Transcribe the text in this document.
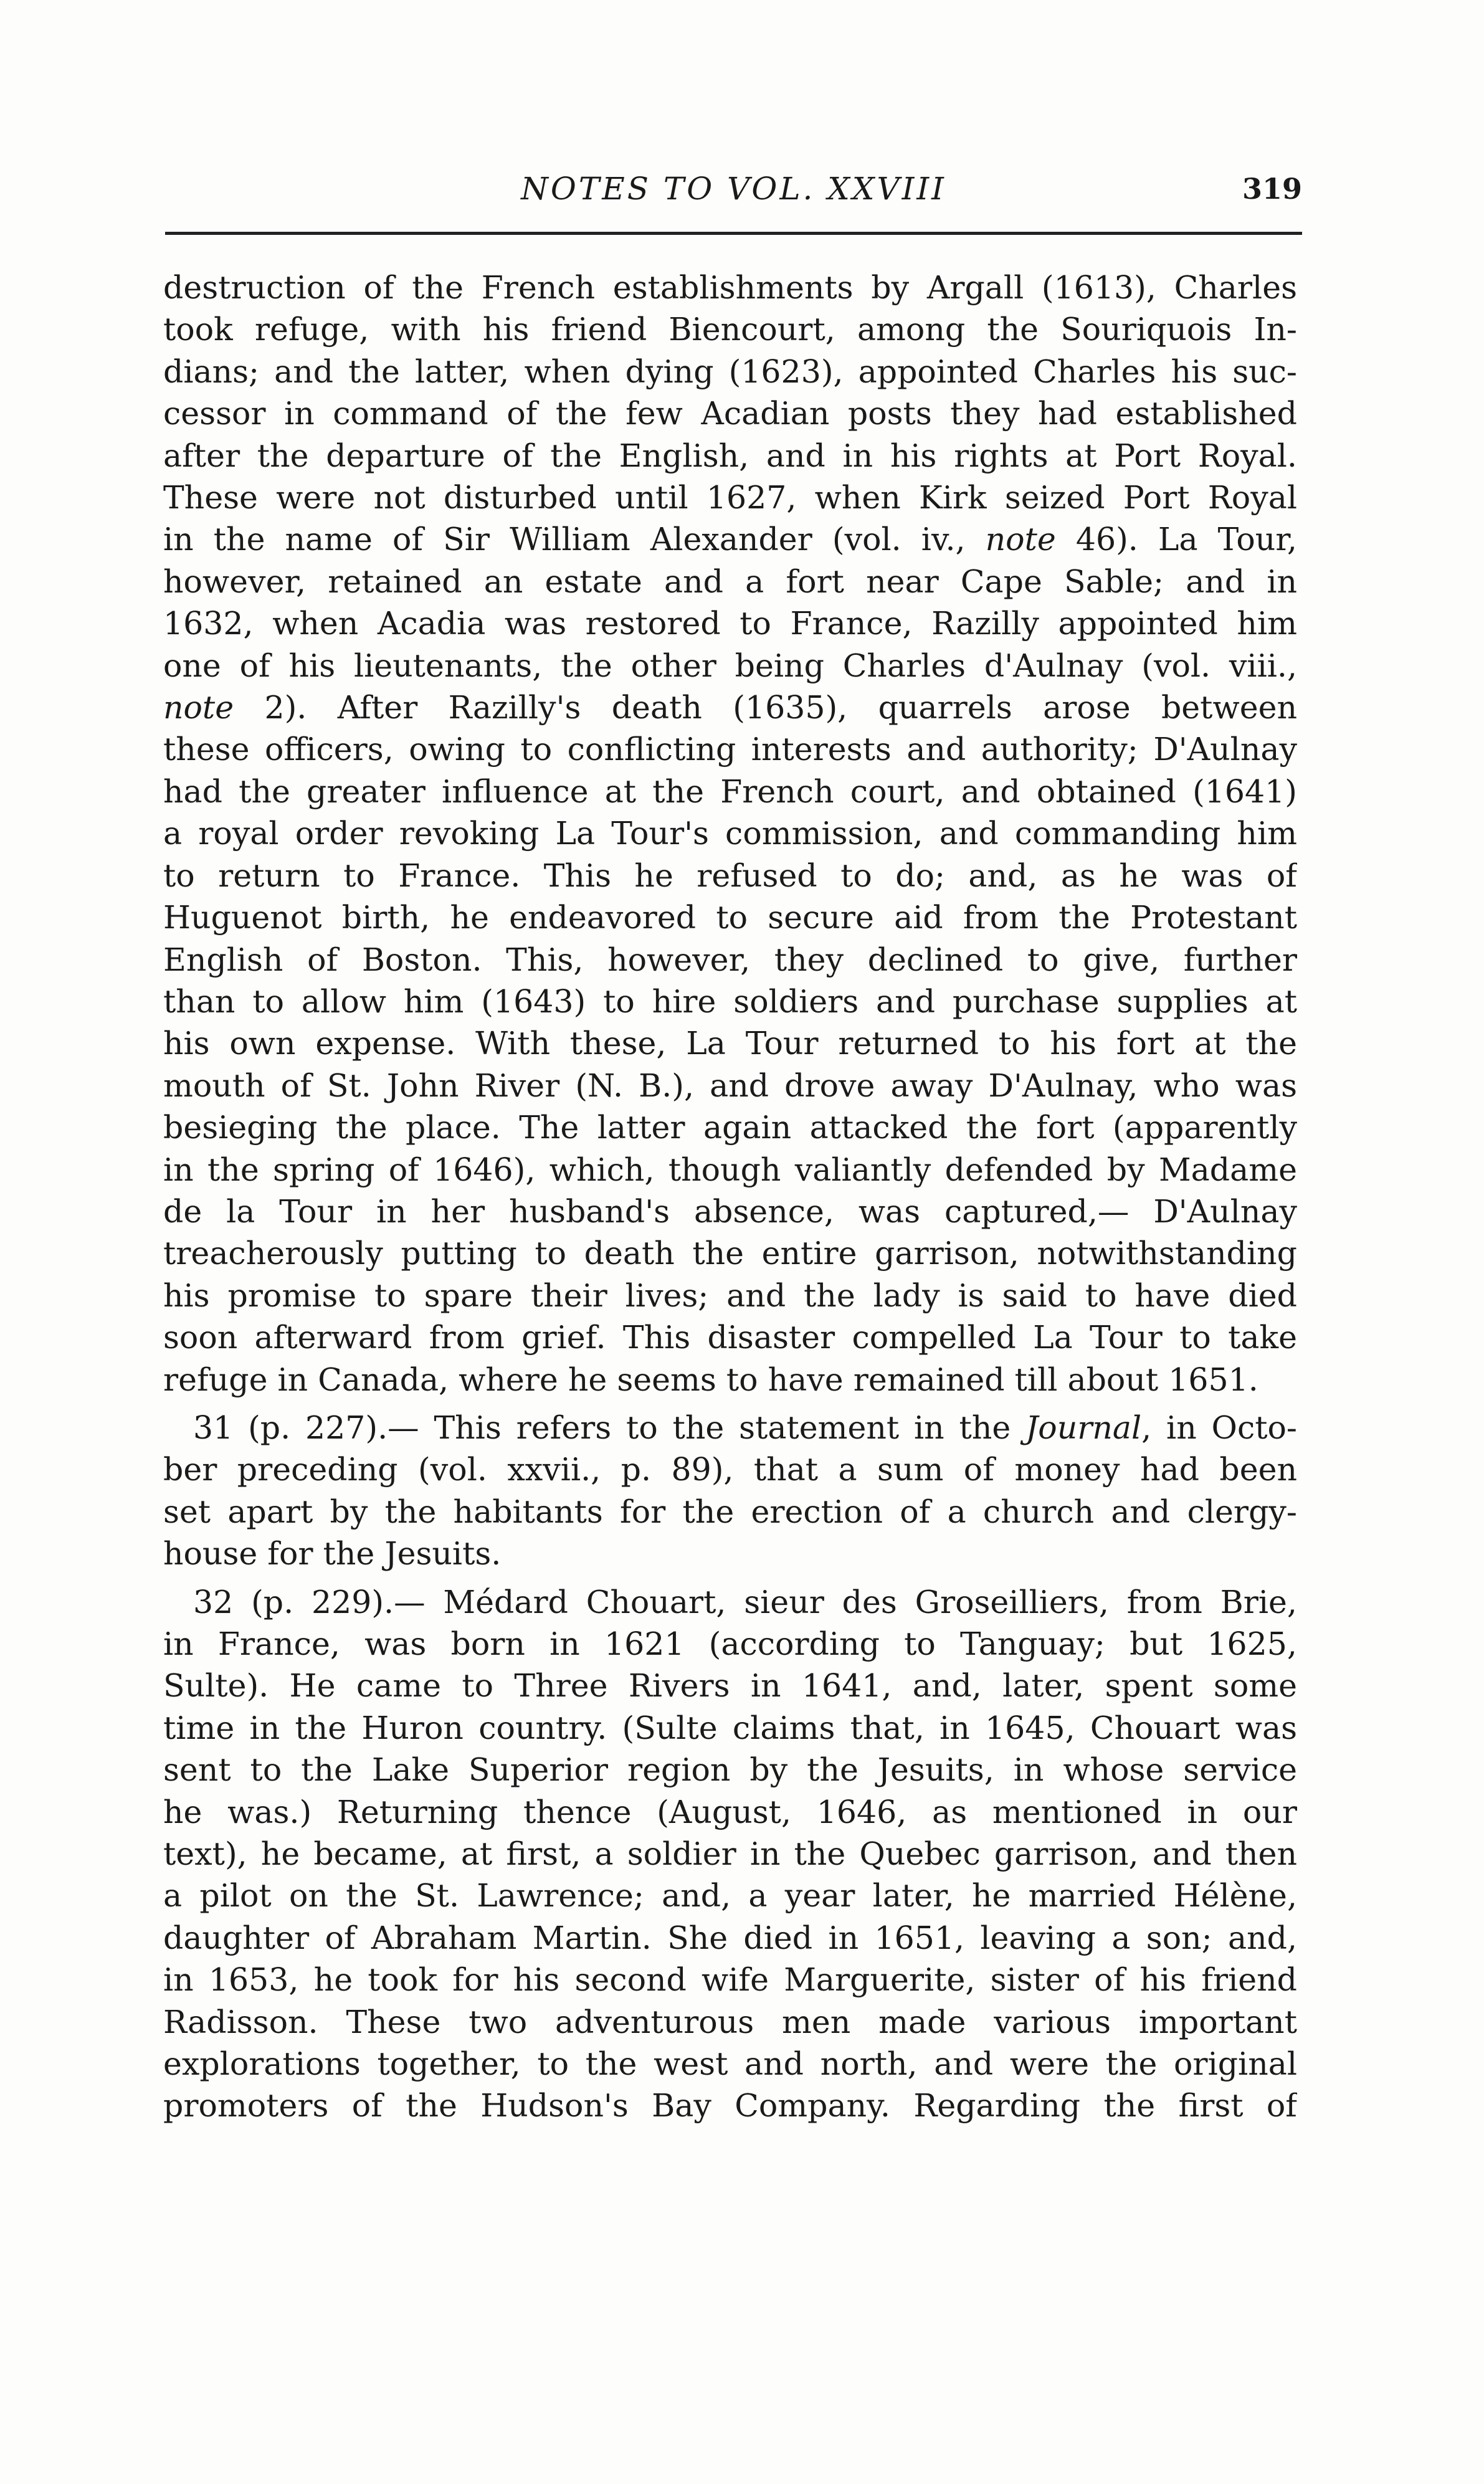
NOTES TO VOL. XXVIII	319
destruction of the French establishments by Argall (1613), Charles
took refuge, with his friend Biencourt, among the Souriquois In-
dians; and the latter, when dying (1623), appointed Charles his suc-
cessor in command of the few Acadian posts they had established
after the departure of the English, and in his rights at Port Royal.
These were not disturbed until 1627, when Kirk seized Port Royal
in the name of Sir William Alexander (vol. iv., note 46). La Tour,
however, retained an estate and a fort near Cape Sable; and in
1632, when Acadia was restored to France, Razilly appointed him
one of his lieutenants, the other being Charles d'Aulnay (vol. viii.,
note 2). After Razilly's death (1635), quarrels arose between
these officers, owing to conflicting interests and authority; D'Aulnay
had the greater influence at the French court, and obtained (1641)
a royal order revoking La Tour's commission, and commanding him
to return to France. This he refused to do; and, as he was of
Huguenot birth, he endeavored to secure aid from the Protestant
English of Boston. This, however, they declined to give, further
than to allow him (1643) to hire soldiers and purchase supplies at
his own expense. With these, La Tour returned to his fort at the
mouth of St. John River (N. B.), and drove away D'Aulnay, who was
besieging the place. The latter again attacked the fort (apparently
in the spring of 1646), which, though valiantly defended by Madame
de la Tour in her husband's absence, was captured,— D'Aulnay
treacherously putting to death the entire garrison, notwithstanding
his promise to spare their lives; and the lady is said to have died
soon afterward from grief. This disaster compelled La Tour to take
refuge in Canada, where he seems to have remained till about 1651.
31 (p. 227).— This refers to the statement in the Journal, in Octo-
ber preceding (vol. xxvii., p. 89), that a sum of money had been
set apart by the habitants for the erection of a church and clergy-
house for the Jesuits.
32 (p. 229).— Médard Chouart, sieur des Groseilliers, from Brie,
in France, was born in 1621 (according to Tanguay; but 1625,
Sulte). He came to Three Rivers in 1641, and, later, spent some
time in the Huron country. (Sulte claims that, in 1645, Chouart was
sent to the Lake Superior region by the Jesuits, in whose service
he was.) Returning thence (August, 1646, as mentioned in our
text), he became, at first, a soldier in the Quebec garrison, and then
a pilot on the St. Lawrence; and, a year later, he married Hélène,
daughter of Abraham Martin. She died in 1651, leaving a son; and,
in 1653, he took for his second wife Marguerite, sister of his friend
Radisson. These two adventurous men made various important
explorations together, to the west and north, and were the original
promoters of the Hudson's Bay Company. Regarding the first of
